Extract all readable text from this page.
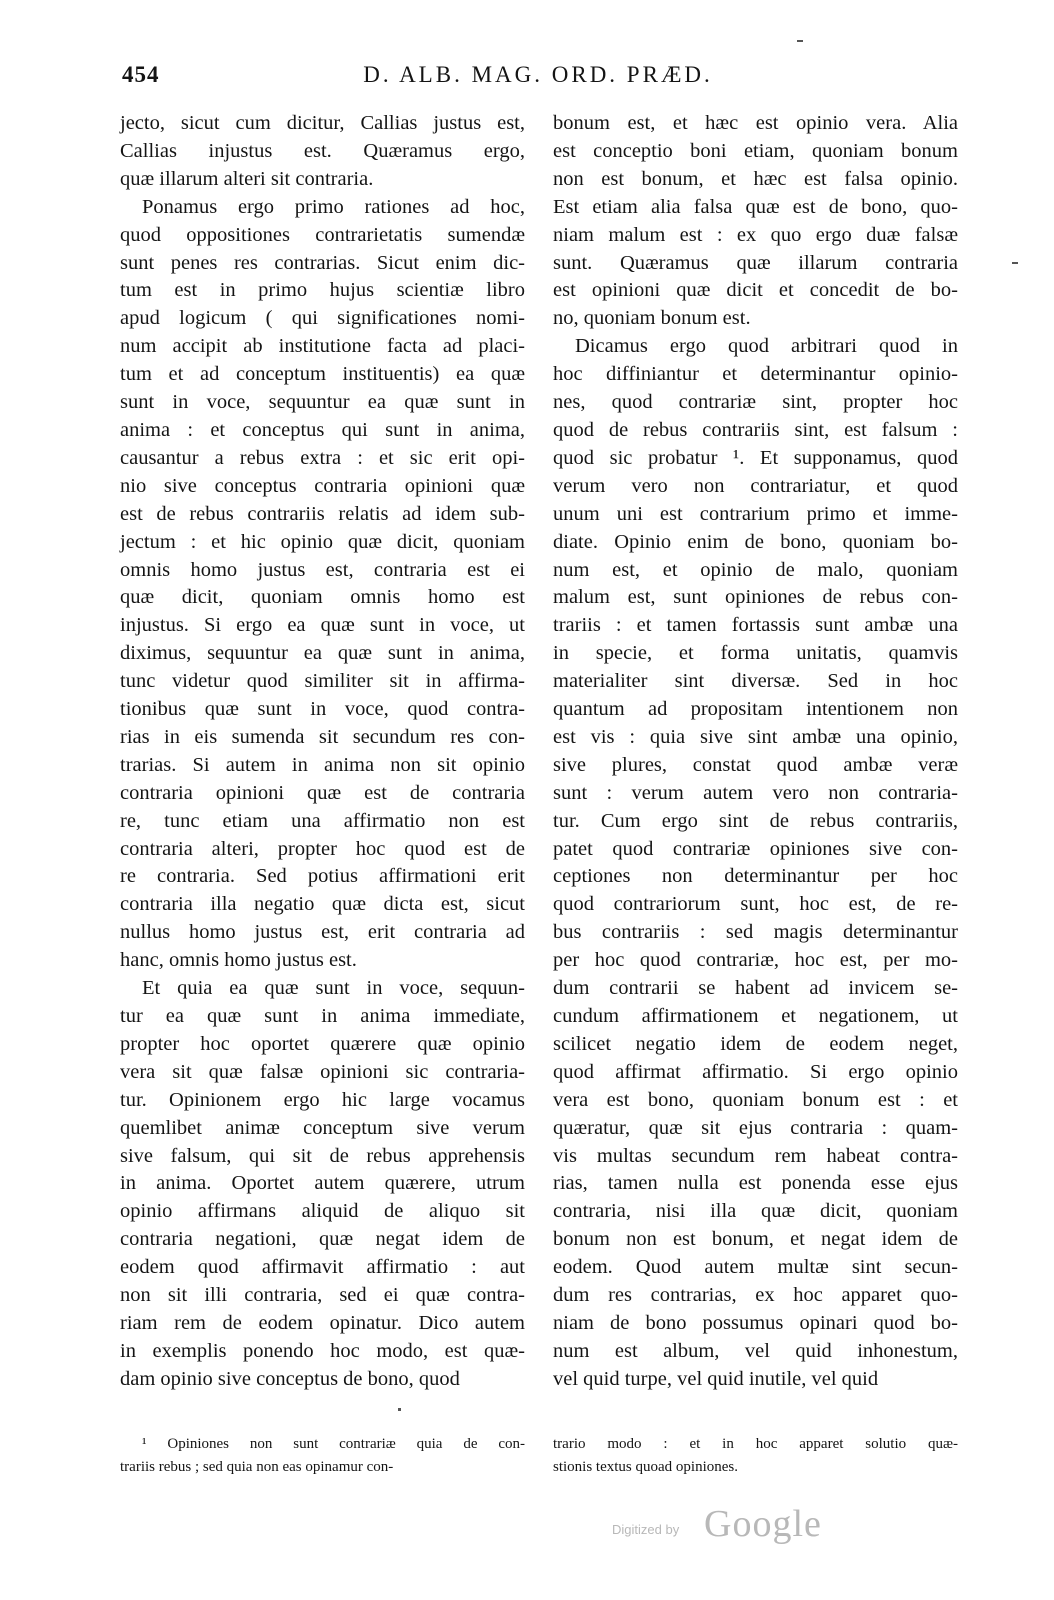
454	D. ALB. MAG. ORD. PRÆD.

jecto, sicut cum dicitur, Callias justus est,
Callias injustus est. Quæramus ergo,
quæ illarum alteri sit contraria.

Ponamus ergo primo rationes ad hoc,
quod oppositiones contrarietatis sumendæ
sunt penes res contrarias. Sicut enim dic-
tum est in primo hujus scientiæ libro
apud logicum ( qui significationes nomi-
num accipit ab institutione facta ad placi-
tum et ad conceptum instituentis) ea quæ
sunt in voce, sequuntur ea quæ sunt in
anima : et conceptus qui sunt in anima,
causantur a rebus extra : et sic erit opi-
nio sive conceptus contraria opinioni quæ
est de rebus contrariis relatis ad idem sub-
jectum : et hic opinio quæ dicit, quoniam
omnis homo justus est, contraria est ei
quæ dicit, quoniam omnis homo est
injustus. Si ergo ea quæ sunt in voce, ut
diximus, sequuntur ea quæ sunt in anima,
tunc videtur quod similiter sit in affirma-
tionibus quæ sunt in voce, quod contra-
rias in eis sumenda sit secundum res con-
trarias. Si autem in anima non sit opinio
contraria opinioni quæ est de contraria
re, tunc etiam una affirmatio non est
contraria alteri, propter hoc quod est de
re contraria. Sed potius affirmationi erit
contraria illa negatio quæ dicta est, sicut
nullus homo justus est, erit contraria ad
hanc, omnis homo justus est.

Et quia ea quæ sunt in voce, sequun-
tur ea quæ sunt in anima immediate,
propter hoc oportet quærere quæ opinio
vera sit quæ falsæ opinioni sic contraria-
tur. Opinionem ergo hic large vocamus
quemlibet animæ conceptum sive verum
sive falsum, qui sit de rebus apprehensis
in anima. Oportet autem quærere, utrum
opinio affirmans aliquid de aliquo sit
contraria negationi, quæ negat idem de
eodem quod affirmavit affirmatio : aut
non sit illi contraria, sed ei quæ contra-
riam rem de eodem opinatur. Dico autem
in exemplis ponendo hoc modo, est quæ-
dam opinio sive conceptus de bono, quod

bonum est, et hæc est opinio vera. Alia
est conceptio boni etiam, quoniam bonum
non est bonum, et hæc est falsa opinio.
Est etiam alia falsa quæ est de bono, quo-
niam malum est : ex quo ergo duæ falsæ
sunt. Quæramus quæ illarum contraria
est opinioni quæ dicit et concedit de bo-
no, quoniam bonum est.

Dicamus ergo quod arbitrari quod in
hoc diffiniantur et determinantur opinio-
nes, quod contrariæ sint, propter hoc
quod de rebus contrariis sint, est falsum :
quod sic probatur ¹. Et supponamus, quod
verum vero non contrariatur, et quod
unum uni est contrarium primo et imme-
diate. Opinio enim de bono, quoniam bo-
num est, et opinio de malo, quoniam
malum est, sunt opiniones de rebus con-
trariis : et tamen fortassis sunt ambæ una
in specie, et forma unitatis, quamvis
materialiter sint diversæ. Sed in hoc
quantum ad propositam intentionem non
est vis : quia sive sint ambæ una opinio,
sive plures, constat quod ambæ veræ
sunt : verum autem vero non contraria-
tur. Cum ergo sint de rebus contrariis,
patet quod contrariæ opiniones sive con-
ceptiones non determinantur per hoc
quod contrariorum sunt, hoc est, de re-
bus contrariis : sed magis determinantur
per hoc quod contrariæ, hoc est, per mo-
dum contrarii se habent ad invicem se-
cundum affirmationem et negationem, ut
scilicet negatio idem de eodem neget,
quod affirmat affirmatio. Si ergo opinio
vera est bono, quoniam bonum est : et
quæratur, quæ sit ejus contraria : quam-
vis multas secundum rem habeat contra-
rias, tamen nulla est ponenda esse ejus
contraria, nisi illa quæ dicit, quoniam
bonum non est bonum, et negat idem de
eodem. Quod autem multæ sint secun-
dum res contrarias, ex hoc apparet quo-
niam de bono possumus opinari quod bo-
num est album, vel quid inhonestum,
vel quid turpe, vel quid inutile, vel quid

¹ Opiniones non sunt contrariæ quia de con-
trariis rebus ; sed quia non eas opinamur con-
trario modo : et in hoc apparet solutio quæ-
stionis textus quoad opiniones.
Digitized by Google
